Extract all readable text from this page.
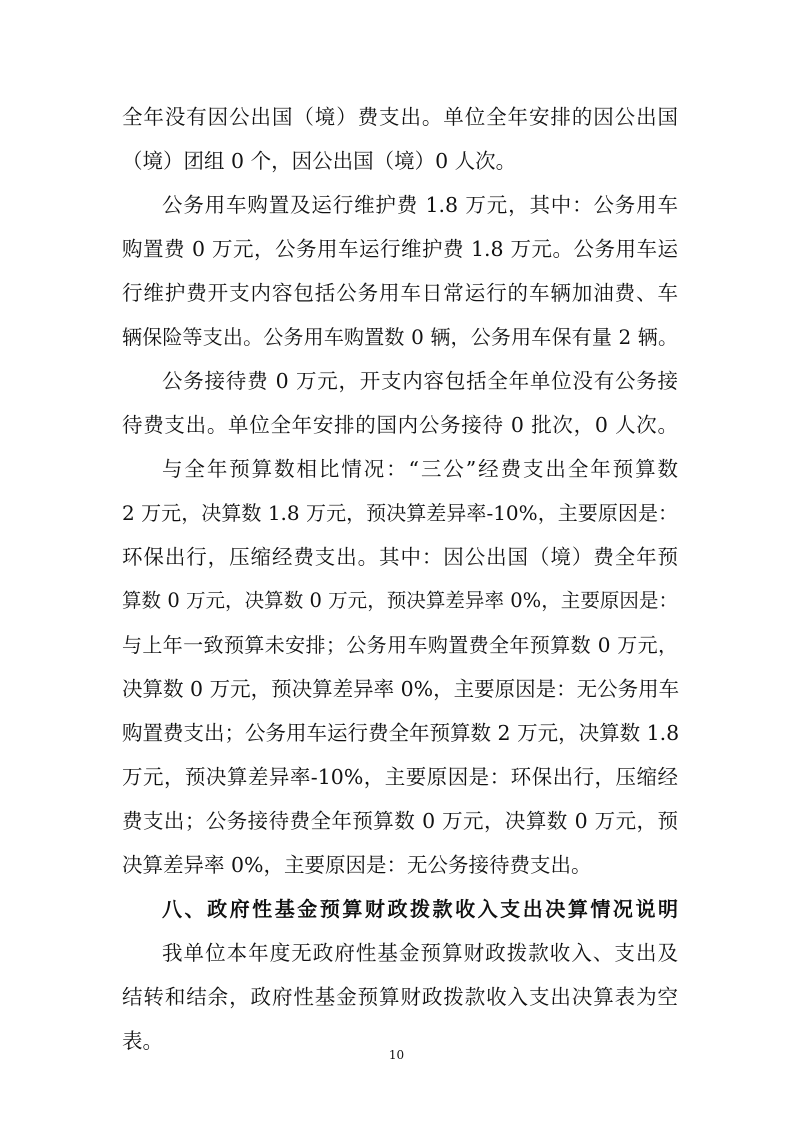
全年没有因公出国（境）费支出。单位全年安排的因公出国
（境）团组 0 个，因公出国（境）0 人次。
公务用车购置及运行维护费 1.8 万元，其中：公务用车
购置费 0 万元，公务用车运行维护费 1.8 万元。公务用车运
行维护费开支内容包括公务用车日常运行的车辆加油费、车
辆保险等支出。公务用车购置数 0 辆，公务用车保有量 2 辆。
公务接待费 0 万元，开支内容包括全年单位没有公务接
待费支出。单位全年安排的国内公务接待 0 批次，0 人次。
与全年预算数相比情况：“三公”经费支出全年预算数
2 万元，决算数 1.8 万元，预决算差异率-10%，主要原因是：
环保出行，压缩经费支出。其中：因公出国（境）费全年预
算数 0 万元，决算数 0 万元，预决算差异率 0%，主要原因是：
与上年一致预算未安排；公务用车购置费全年预算数 0 万元，
决算数 0 万元，预决算差异率 0%，主要原因是：无公务用车
购置费支出；公务用车运行费全年预算数 2 万元，决算数 1.8
万元，预决算差异率-10%，主要原因是：环保出行，压缩经
费支出；公务接待费全年预算数 0 万元，决算数 0 万元，预
决算差异率 0%，主要原因是：无公务接待费支出。
八、政府性基金预算财政拨款收入支出决算情况说明
我单位本年度无政府性基金预算财政拨款收入、支出及
结转和结余，政府性基金预算财政拨款收入支出决算表为空
表。
10
